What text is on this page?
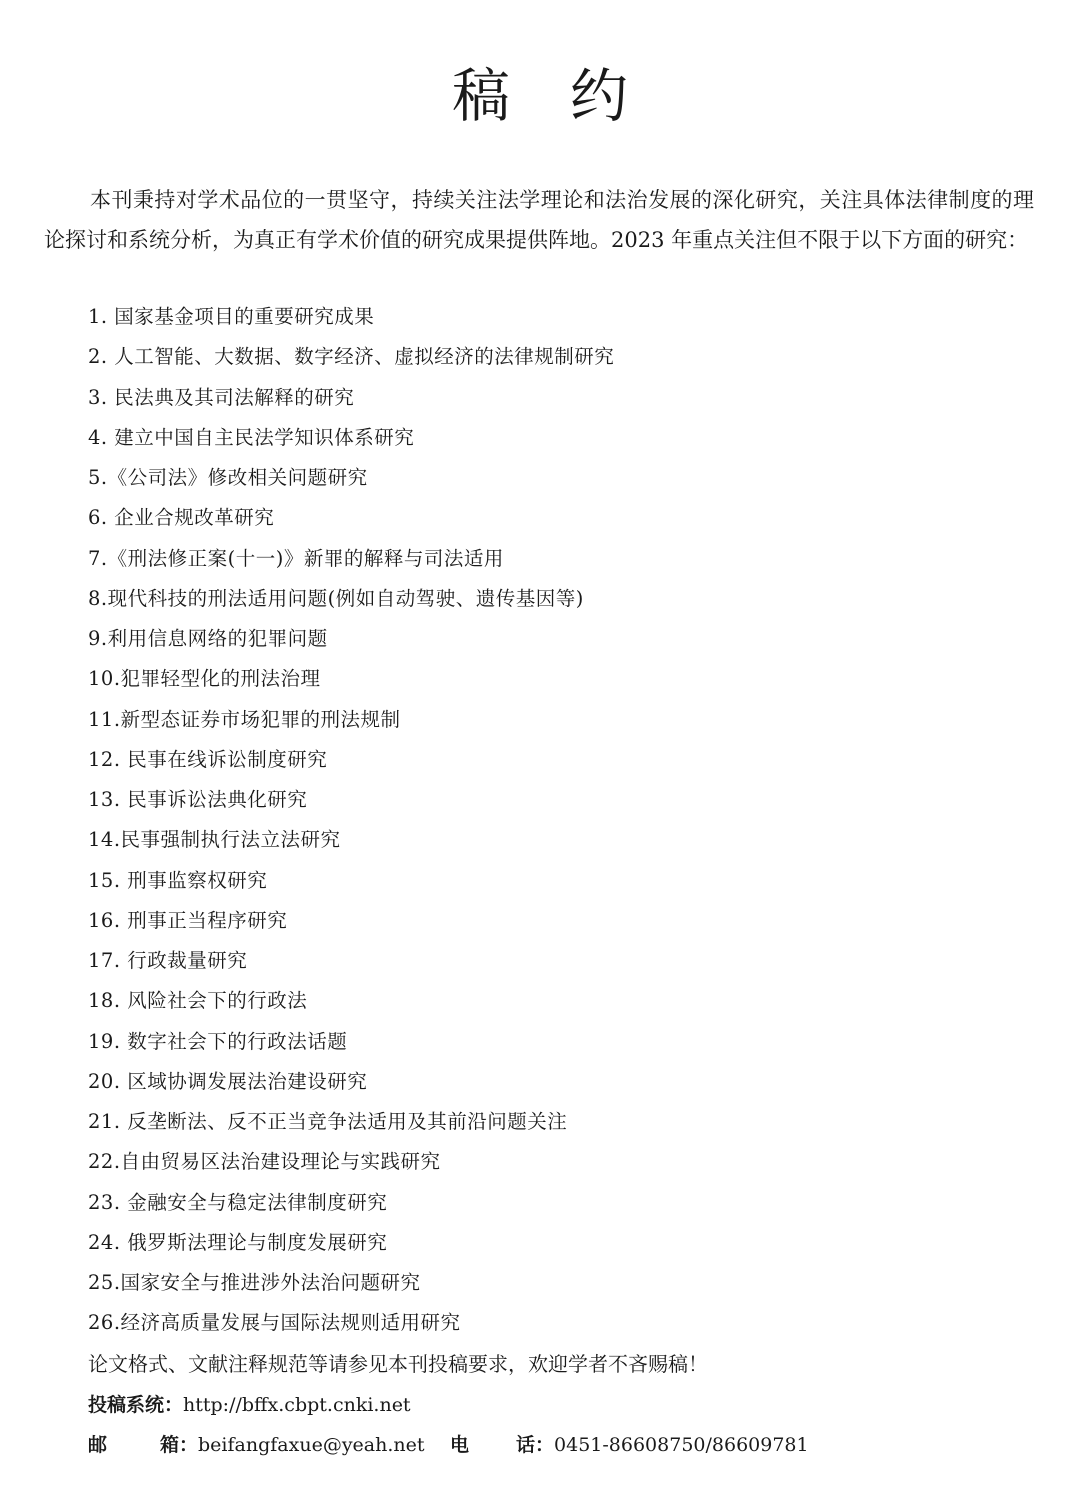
稿 约

本刊秉持对学术品位的一贯坚守，持续关注法学理论和法治发展的深化研究，关注具体法律制度的理论探讨和系统分析，为真正有学术价值的研究成果提供阵地。2023 年重点关注但不限于以下方面的研究：

1. 国家基金项目的重要研究成果
2. 人工智能、大数据、数字经济、虚拟经济的法律规制研究
3. 民法典及其司法解释的研究
4. 建立中国自主民法学知识体系研究
5.《公司法》修改相关问题研究
6. 企业合规改革研究
7.《刑法修正案(十一)》新罪的解释与司法适用
8.现代科技的刑法适用问题(例如自动驾驶、遗传基因等)
9.利用信息网络的犯罪问题
10.犯罪轻型化的刑法治理
11.新型态证券市场犯罪的刑法规制
12. 民事在线诉讼制度研究
13. 民事诉讼法典化研究
14.民事强制执行法立法研究
15. 刑事监察权研究
16. 刑事正当程序研究
17. 行政裁量研究
18. 风险社会下的行政法
19. 数字社会下的行政法话题
20. 区域协调发展法治建设研究
21. 反垄断法、反不正当竞争法适用及其前沿问题关注
22.自由贸易区法治建设理论与实践研究
23. 金融安全与稳定法律制度研究
24. 俄罗斯法理论与制度发展研究
25.国家安全与推进涉外法治问题研究
26.经济高质量发展与国际法规则适用研究
论文格式、文献注释规范等请参见本刊投稿要求，欢迎学者不吝赐稿！
投稿系统：http://bffx.cbpt.cnki.net
邮	箱：beifangfaxue@yeah.net 电 话：0451-86608750/86609781
